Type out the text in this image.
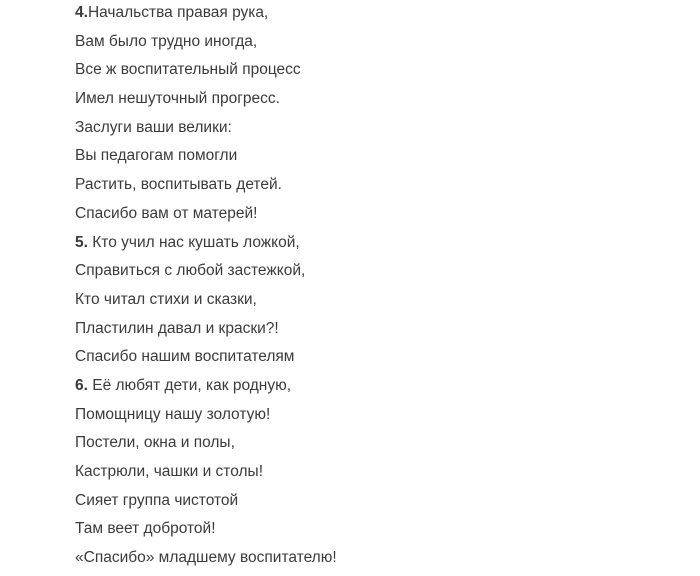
4.Начальства правая рука,
Вам было трудно иногда,
Все ж воспитательный процесс
Имел нешуточный прогресс.
Заслуги ваши велики:
Вы педагогам помогли
Растить, воспитывать детей.
Спасибо вам от матерей!
5. Кто учил нас кушать ложкой,
Справиться с любой застежкой,
Кто читал стихи и сказки,
Пластилин давал и краски?!
Спасибо нашим воспитателям
6. Её любят дети, как родную,
Помощницу нашу золотую!
Постели, окна и полы,
Кастрюли, чашки и столы!
Сияет группа чистотой
Там веет добротой!
«Спасибо» младшему воспитателю!
